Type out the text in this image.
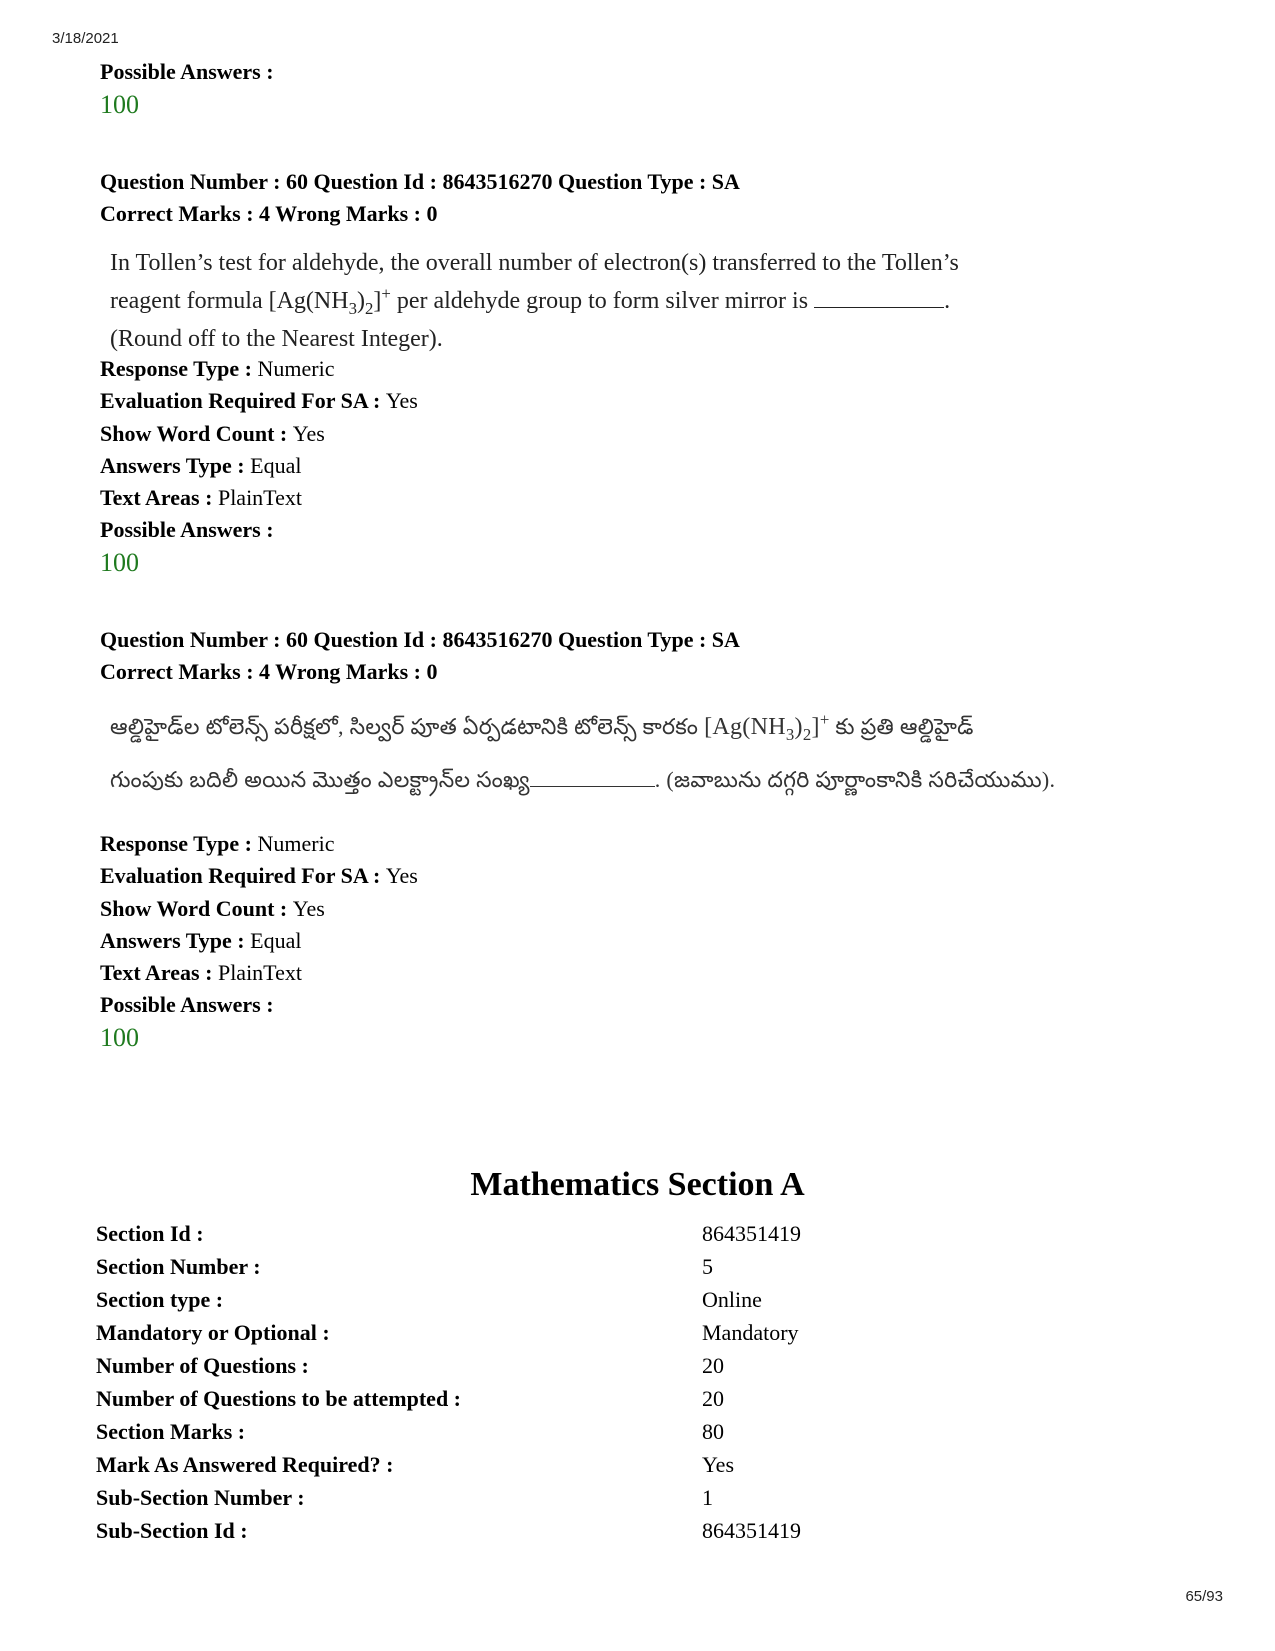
3/18/2021
Possible Answers :
100
Question Number : 60 Question Id : 8643516270 Question Type : SA
Correct Marks : 4 Wrong Marks : 0
In Tollen’s test for aldehyde, the overall number of electron(s) transferred to the Tollen’s
reagent formula $[Ag(NH_3)_2]^+$ per aldehyde group to form silver mirror is	.
(Round off to the Nearest Integer).
Response Type : Numeric
Evaluation Required For SA : Yes
Show Word Count : Yes
Answers Type : Equal
Text Areas : PlainText
Possible Answers :
100
Question Number : 60 Question Id : 8643516270 Question Type : SA
Correct Marks : 4 Wrong Marks : 0
ఆల్డిహైడ్‌ల టోలెన్స్ పరీక్షలో, సిల్వర్ పూత ఏర్పడటానికి టోలెన్స్ కారకం $[Ag(NH_3)_2]^+$ కు ప్రతి ఆల్డిహైడ్
గుంపుకు బదిలీ అయిన మొత్తం ఎలక్ట్రాన్‌ల సంఖ్య	. (జవాబును దగ్గరి పూర్ణాంకానికి సరిచేయుము).
Response Type : Numeric
Evaluation Required For SA : Yes
Show Word Count : Yes
Answers Type : Equal
Text Areas : PlainText
Possible Answers :
100
Mathematics Section A
Section Id :	864351419
Section Number :	5
Section type :	Online
Mandatory or Optional :	Mandatory
Number of Questions :	20
Number of Questions to be attempted :	20
Section Marks :	80
Mark As Answered Required? :	Yes
Sub-Section Number :	1
Sub-Section Id :	864351419
65/93
